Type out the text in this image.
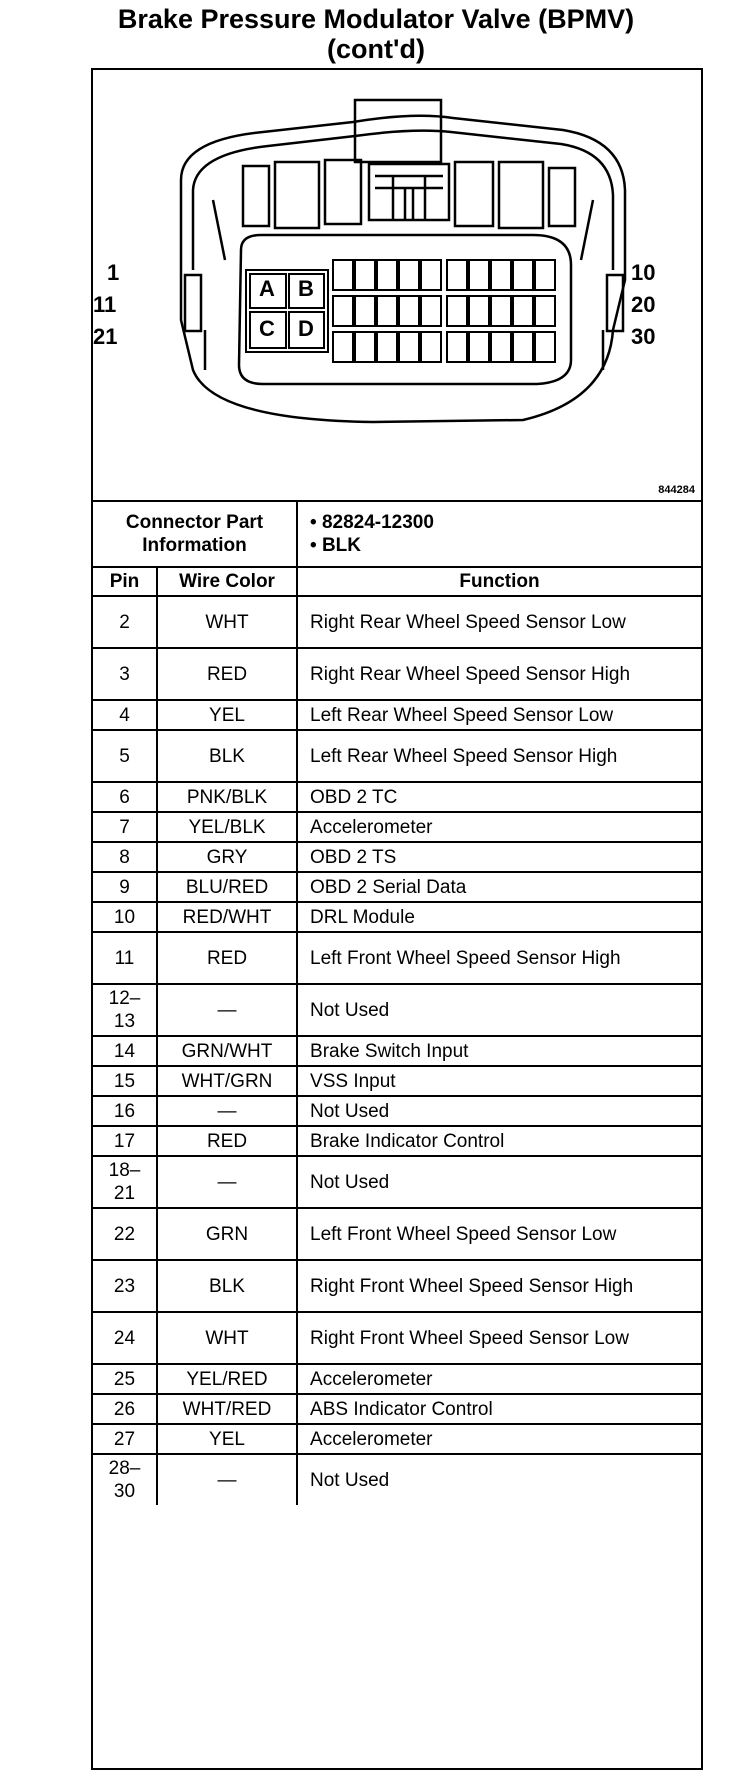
Brake Pressure Modulator Valve (BPMV)
(cont'd)
1
11
21
10
20
30
A B
C D
844284
Connector Part Information		• 82824-12300
• BLK

Pin	Wire Color	Function
2	WHT	Right Rear Wheel Speed Sensor Low
3	RED	Right Rear Wheel Speed Sensor High
4	YEL	Left Rear Wheel Speed Sensor Low
5	BLK	Left Rear Wheel Speed Sensor High
6	PNK/BLK	OBD 2 TC
7	YEL/BLK	Accelerometer
8	GRY	OBD 2 TS
9	BLU/RED	OBD 2 Serial Data
10	RED/WHT	DRL Module
11	RED	Left Front Wheel Speed Sensor High
12–13	—	Not Used
14	GRN/WHT	Brake Switch Input
15	WHT/GRN	VSS Input
16	—	Not Used
17	RED	Brake Indicator Control
18–21	—	Not Used
22	GRN	Left Front Wheel Speed Sensor Low
23	BLK	Right Front Wheel Speed Sensor High
24	WHT	Right Front Wheel Speed Sensor Low
25	YEL/RED	Accelerometer
26	WHT/RED	ABS Indicator Control
27	YEL	Accelerometer
28–30	—	Not Used
